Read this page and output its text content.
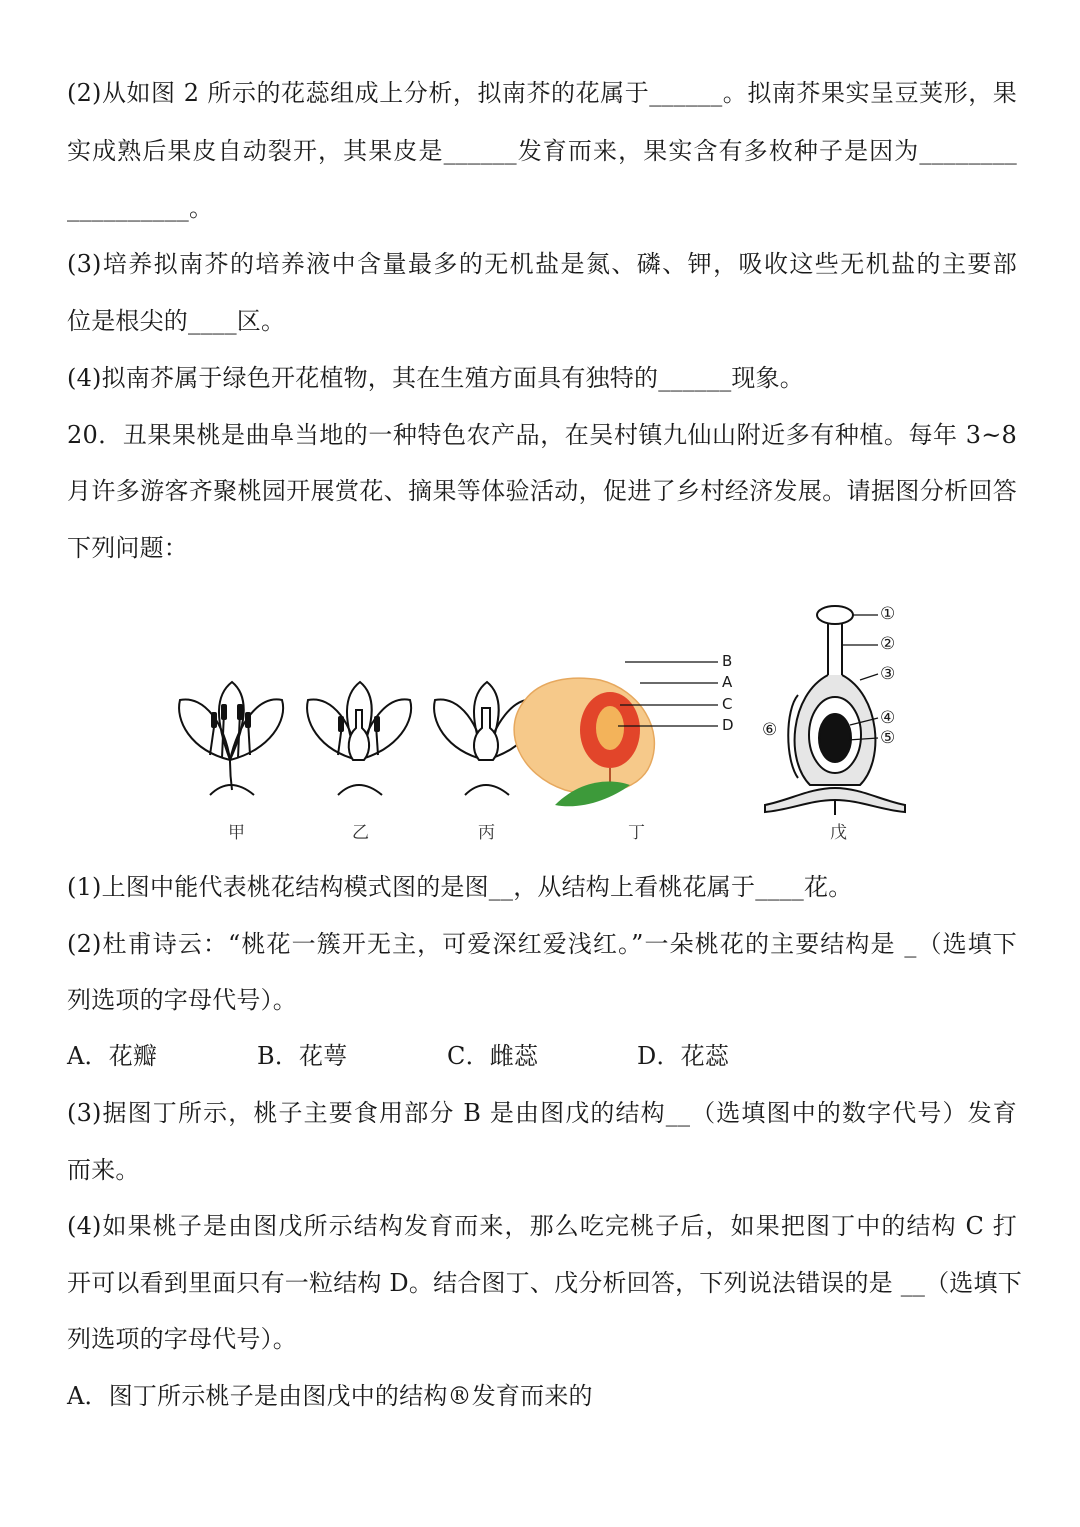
(2)从如图 2 所示的花蕊组成上分析，拟南芥的花属于______。拟南芥果实呈豆荚形，果
实成熟后果皮自动裂开，其果皮是______发育而来，果实含有多枚种子是因为________
__________。
(3)培养拟南芥的培养液中含量最多的无机盐是氮、磷、钾，吸收这些无机盐的主要部
位是根尖的____区。
(4)拟南芥属于绿色开花植物，其在生殖方面具有独特的______现象。
20．丑果果桃是曲阜当地的一种特色农产品，在吴村镇九仙山附近多有种植。每年 3~8
月许多游客齐聚桃园开展赏花、摘果等体验活动，促进了乡村经济发展。请据图分析回答
下列问题：
B
A
C
D
①
②
③
④
⑤
⑥
甲	乙	丙	丁	戊
(1)上图中能代表桃花结构模式图的是图__，从结构上看桃花属于____花。
(2)杜甫诗云：“桃花一簇开无主，可爱深红爱浅红。”一朵桃花的主要结构是 _（选填下
列选项的字母代号）。
A．花瓣	B．花萼	C．雌蕊	D．花蕊
(3)据图丁所示，桃子主要食用部分 B 是由图戊的结构__（选填图中的数字代号）发育
而来。
(4)如果桃子是由图戊所示结构发育而来，那么吃完桃子后，如果把图丁中的结构 C 打
开可以看到里面只有一粒结构 D。结合图丁、戊分析回答，下列说法错误的是 __（选填下
列选项的字母代号）。
A．图丁所示桃子是由图戊中的结构®发育而来的
